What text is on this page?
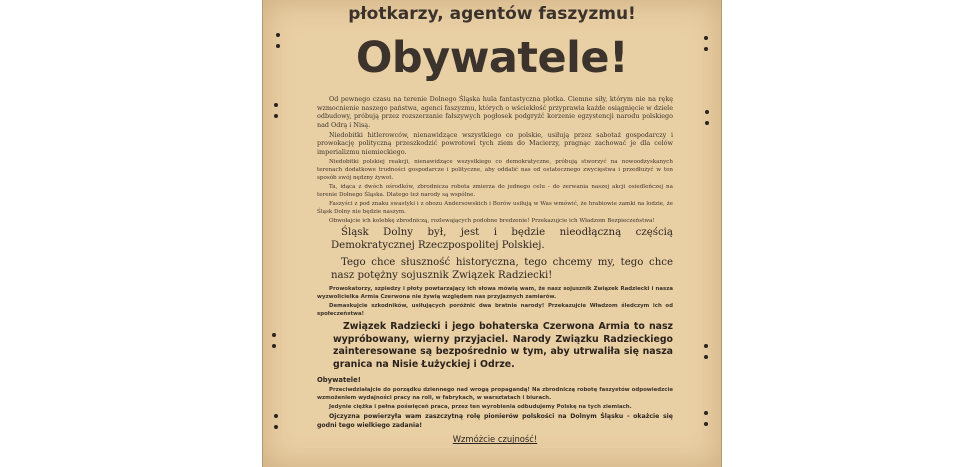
płotkarzy, agentów faszyzmu!
Obywatele!

Od pewnego czasu na terenie Dolnego Śląska hula fantastyczna plotka. Ciemne siły, którym nie na rękę wzmocnienie naszego państwa, agenci faszyzmu, których o wściekłość przyprawia każde osiągnięcie w dziele odbudowy, próbują przez rozszerzanie fałszywych pogłosek podgryźć korzenie egzystencji narodu polskiego nad Odrą i Nisą.

Niedobitki hitlerowców, nienawidzące wszystkiego co polskie, usiłują przez sabotaż gospodarczy i prowokację polityczną przeszkodzić powrotowi tych ziem do Macierzy, pragnąc zachować je dla celów imperializmu niemieckiego.

Niedobitki polskiej reakcji, nienawidzące wszystkiego co demokratyczne, próbują stworzyć na nowoodzyskanych terenach dodatkowe trudności gospodarcze i polityczne, aby oddalić nas od ostatecznego zwycięstwa i przedłużyć w ten sposób swój nędzny żywot.

Ta, idąca z dwóch ośrodków, zbrodnicza robota zmierza do jednego celu - do zerwania naszej akcji osiedleńczej na terenie Dolnego Śląska. Dlatego też narody są wspólne.

Faszyści z pod znaku swastyki i z obozu Andersowskich i Borów usiłują w Was wmówić, że hrabiowie zamki na lodzie, że Śląsk Dolny nie będzie naszym.

Obwołajcie ich kolebkę zbrodniczą, rozlewających podobne bredzenie! Przekazujcie ich Władzom Bezpieczeństwa!

Śląsk Dolny był, jest i będzie nieodłączną częścią Demokratycznej Rzeczpospolitej Polskiej.

Tego chce słuszność historyczna, tego chcemy my, tego chce nasz potężny sojusznik Związek Radziecki!

Prowokatorzy, szpiedzy i płoty powtarzający ich słowa mówią wam, że nasz sojusznik Związek Radziecki i nasza wyzwolicielka Armia Czerwona nie żywią względem nas przyjaznych zamiarów.

Demaskujcie szkodników, usiłujących poróżnić dwa bratnie narody! Przekazujcie Władzom śledczym ich od społeczeństwa!

Związek Radziecki i jego bohaterska Czerwona Armia to nasz wypróbowany, wierny przyjaciel. Narody Związku Radzieckiego zainteresowane są bezpośrednio w tym, aby utrwaliła się nasza granica na Nisie Łużyckiej i Odrze.

Obywatele!

Przeciwdziałajcie do porządku dziennego nad wrogą propagandą! Na zbrodniczą robotę faszystów odpowiedzcie wzmożeniem wydajności pracy na roli, w fabrykach, w warsztatach i biurach.

Jedynie ciężka i pełna poświęceń praca, przez ten wyrobienia odbudujemy Polskę na tych ziemiach.

Ojczyzna powierzyła wam zaszczytną rolę pionierów polskości na Dolnym Śląsku - okażcie się godni tego wielkiego zadania!

Wzmóżcie czujność!
